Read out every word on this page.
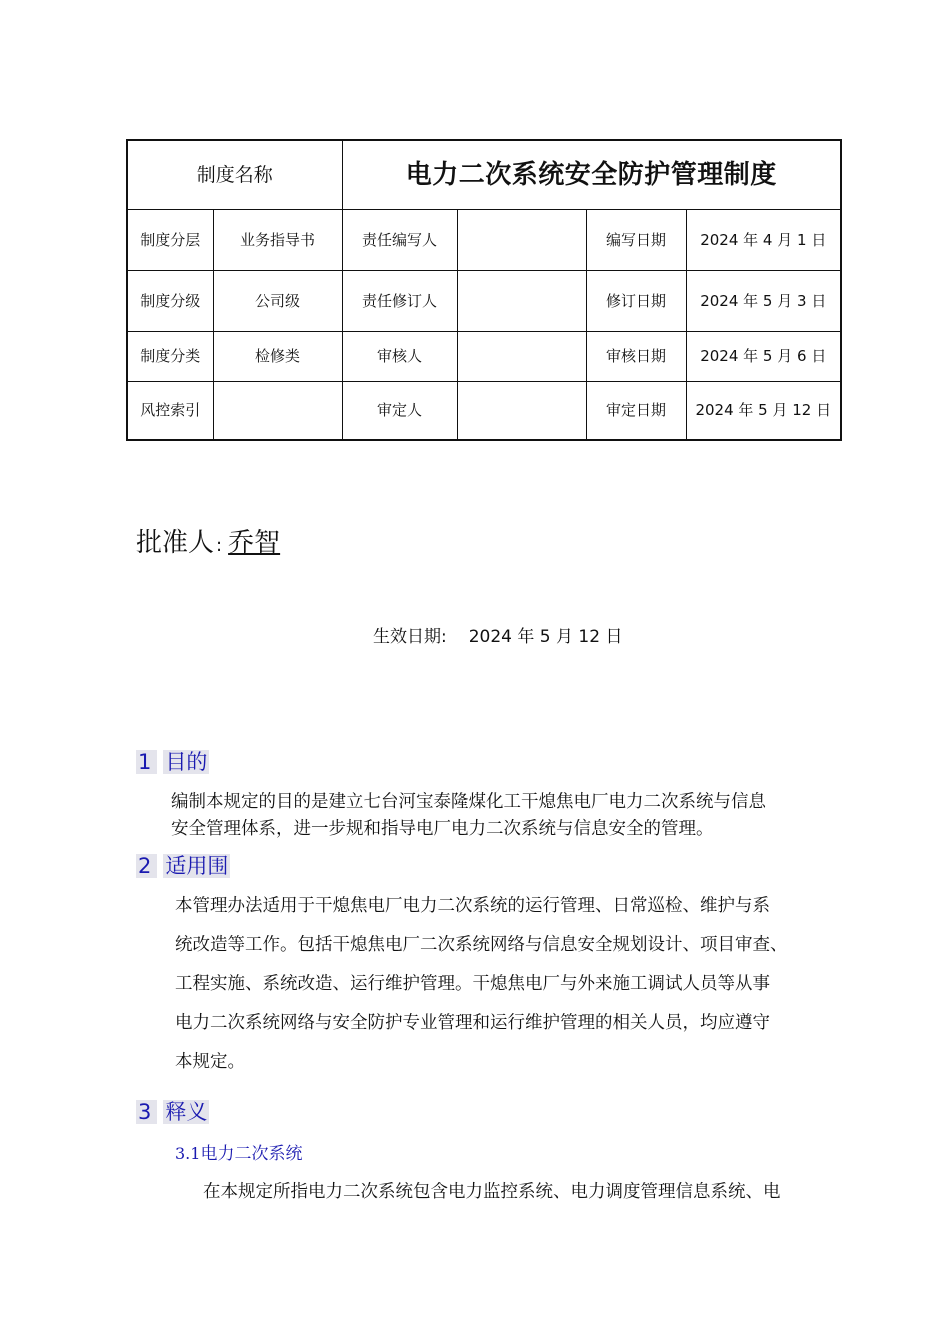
制度名称		电力二次系统安全防护管理制度			
制度分层	业务指导书	责任编写人		编写日期	2024 年 4 月 1 日
制度分级	公司级	责任修订人		修订日期	2024 年 5 月 3 日
制度分类	检修类	审核人		审核日期	2024 年 5 月 6 日
风控索引		审定人		审定日期	2024 年 5 月 12 日
批准人 : 乔智
生效日期: 2024 年 5 月 12 日
1 目的
编制本规定的目的是建立七台河宝泰隆煤化工干熄焦电厂电力二次系统与信息
安全管理体系，进一步规和指导电厂电力二次系统与信息安全的管理。
2 适用围
本管理办法适用于干熄焦电厂电力二次系统的运行管理、日常巡检、维护与系
统改造等工作。包括干熄焦电厂二次系统网络与信息安全规划设计、项目审查、
工程实施、系统改造、运行维护管理。干熄焦电厂与外来施工调试人员等从事
电力二次系统网络与安全防护专业管理和运行维护管理的相关人员，均应遵守
本规定。
3 释义
3.1电力二次系统
在本规定所指电力二次系统包含电力监控系统、电力调度管理信息系统、电
